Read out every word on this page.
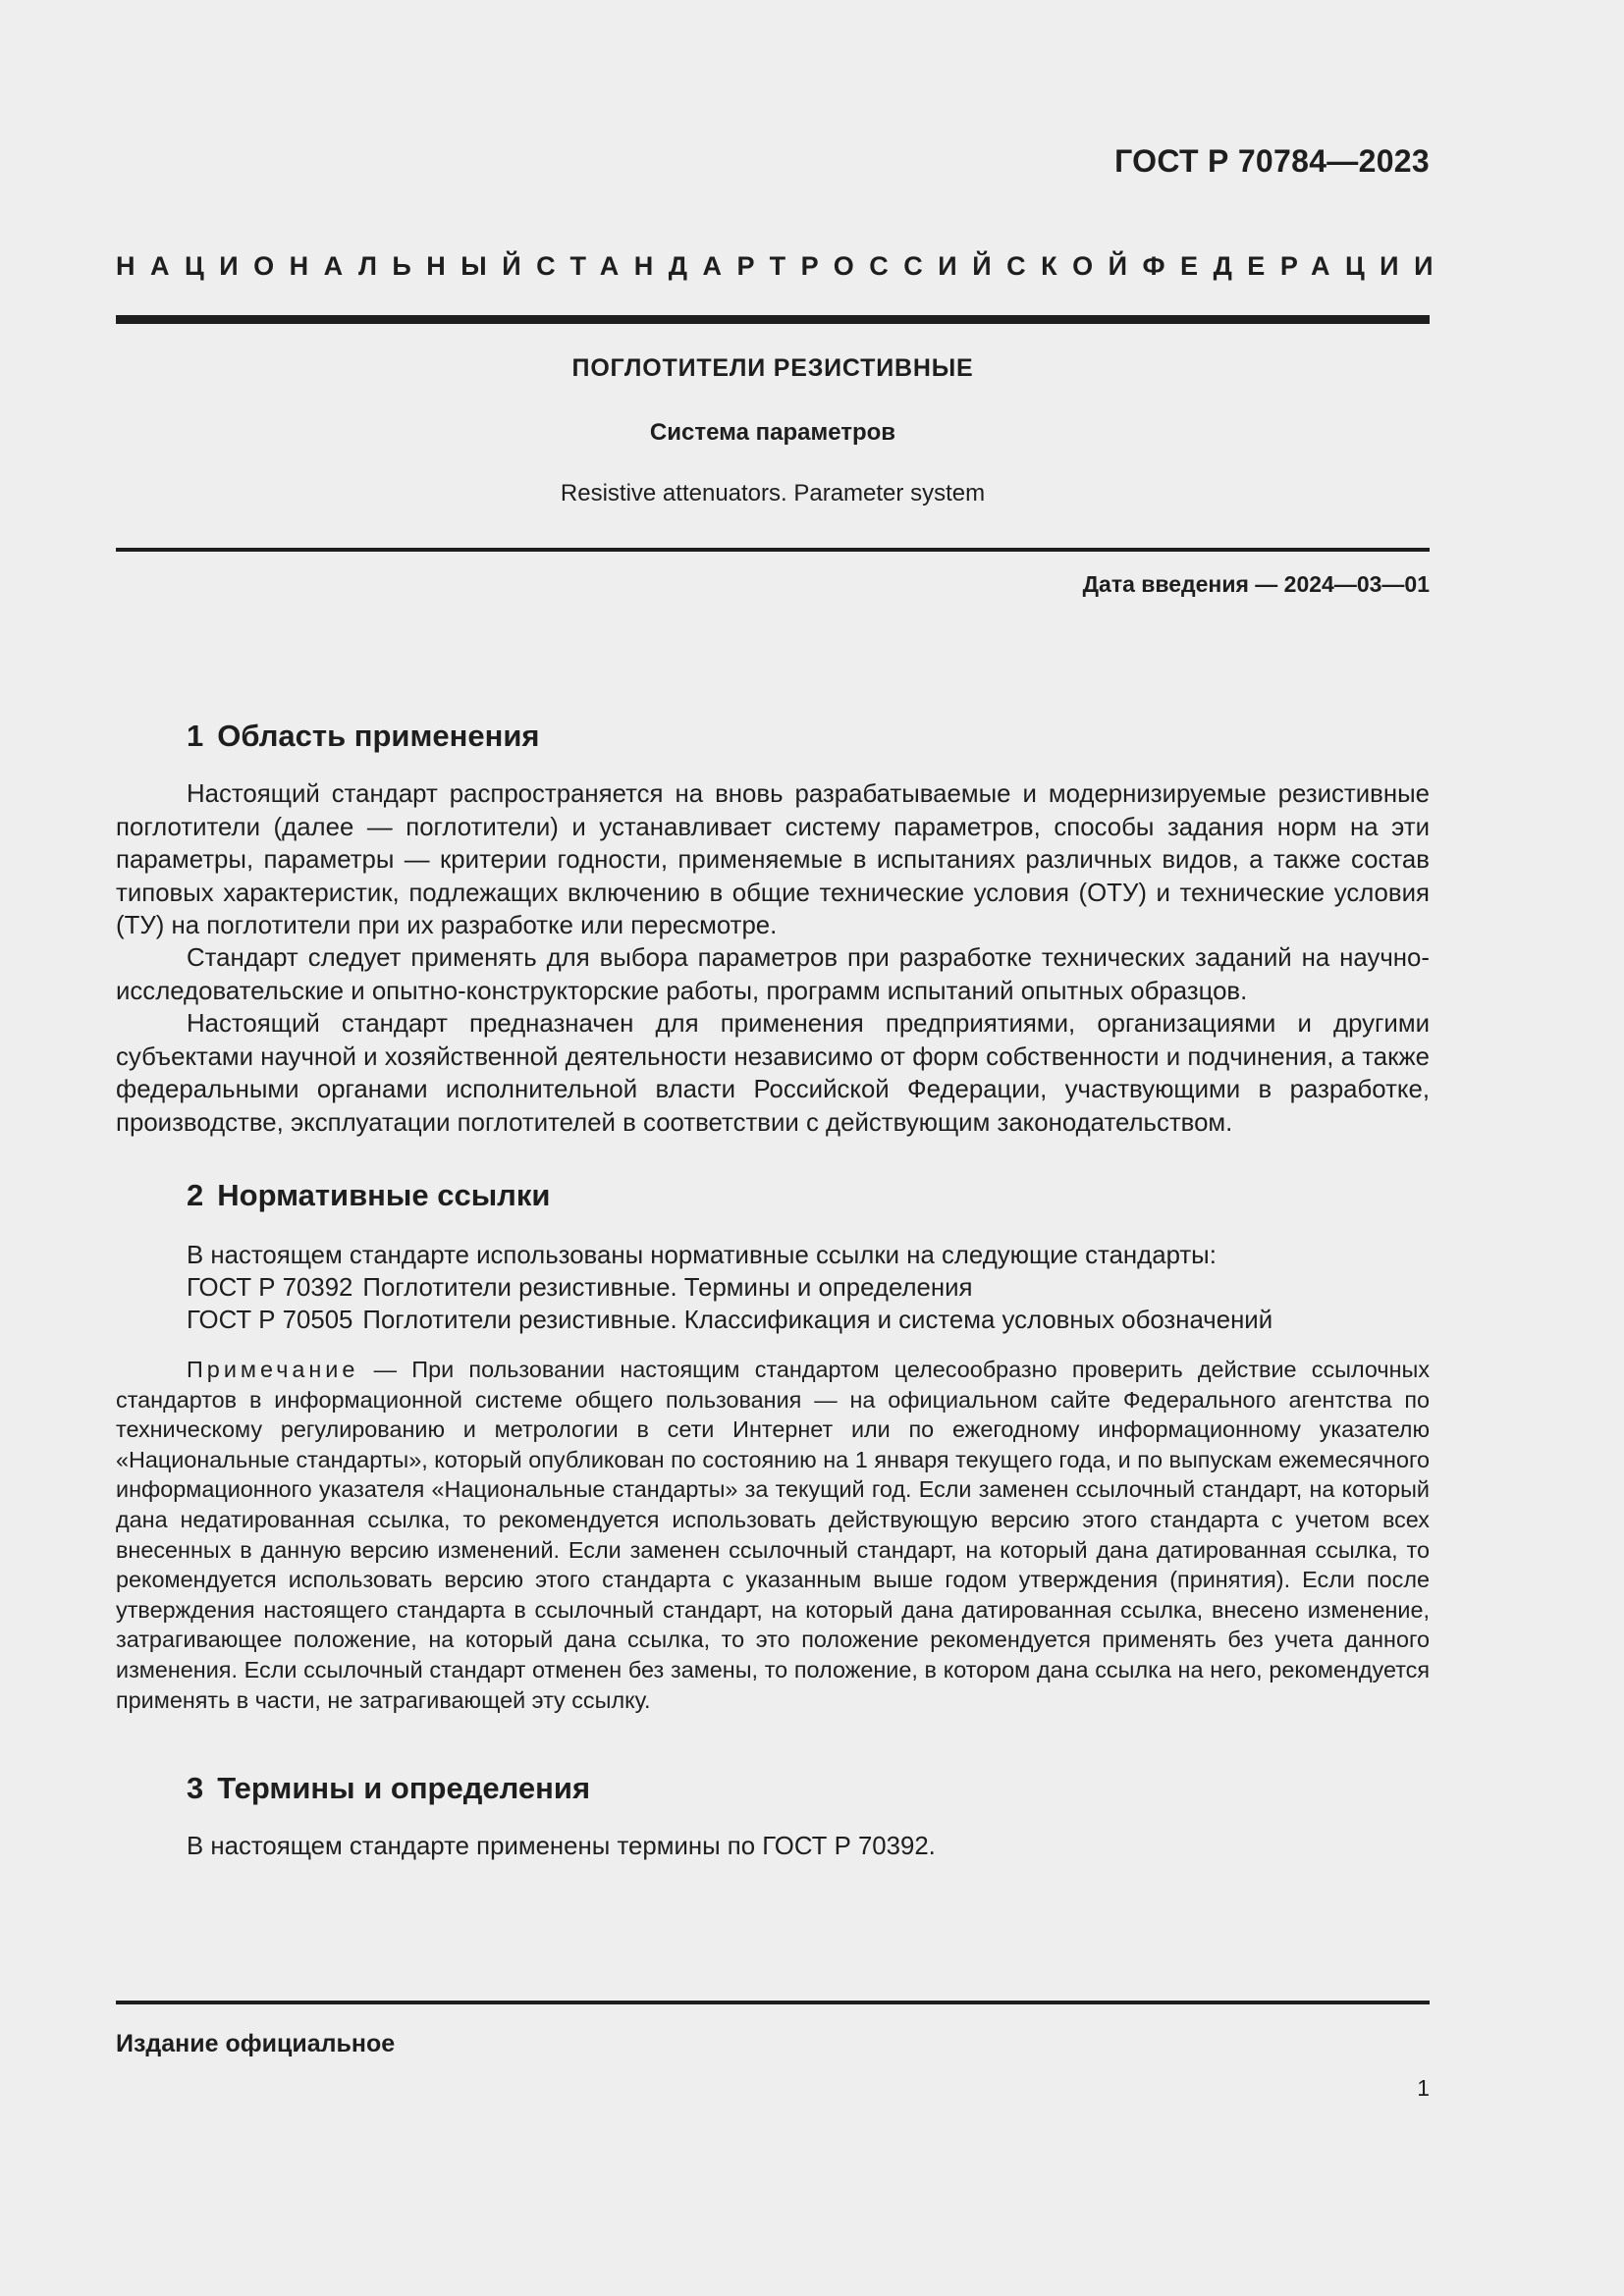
ГОСТ Р 70784—2023
НАЦИОНАЛЬНЫЙ СТАНДАРТ РОССИЙСКОЙ ФЕДЕРАЦИИ
ПОГЛОТИТЕЛИ РЕЗИСТИВНЫЕ
Система параметров
Resistive attenuators. Parameter system
Дата введения — 2024—03—01
1 Область применения

Настоящий стандарт распространяется на вновь разрабатываемые и модернизируемые резистивные поглотители (далее — поглотители) и устанавливает систему параметров, способы задания норм на эти параметры, параметры — критерии годности, применяемые в испытаниях различных видов, а также состав типовых характеристик, подлежащих включению в общие технические условия (ОТУ) и технические условия (ТУ) на поглотители при их разработке или пересмотре.

Стандарт следует применять для выбора параметров при разработке технических заданий на научно-исследовательские и опытно-конструкторские работы, программ испытаний опытных образцов.

Настоящий стандарт предназначен для применения предприятиями, организациями и другими субъектами научной и хозяйственной деятельности независимо от форм собственности и подчинения, а также федеральными органами исполнительной власти Российской Федерации, участвующими в разработке, производстве, эксплуатации поглотителей в соответствии с действующим законодательством.

2 Нормативные ссылки
В настоящем стандарте использованы нормативные ссылки на следующие стандарты:
ГОСТ Р 70392 Поглотители резистивные. Термины и определения
ГОСТ Р 70505 Поглотители резистивные. Классификация и система условных обозначений

Примечание — При пользовании настоящим стандартом целесообразно проверить действие ссылочных стандартов в информационной системе общего пользования — на официальном сайте Федерального агентства по техническому регулированию и метрологии в сети Интернет или по ежегодному информационному указателю «Национальные стандарты», который опубликован по состоянию на 1 января текущего года, и по выпускам ежемесячного информационного указателя «Национальные стандарты» за текущий год. Если заменен ссылочный стандарт, на который дана недатированная ссылка, то рекомендуется использовать действующую версию этого стандарта с учетом всех внесенных в данную версию изменений. Если заменен ссылочный стандарт, на который дана датированная ссылка, то рекомендуется использовать версию этого стандарта с указанным выше годом утверждения (принятия). Если после утверждения настоящего стандарта в ссылочный стандарт, на который дана датированная ссылка, внесено изменение, затрагивающее положение, на который дана ссылка, то это положение рекомендуется применять без учета данного изменения. Если ссылочный стандарт отменен без замены, то положение, в котором дана ссылка на него, рекомендуется применять в части, не затрагивающей эту ссылку.

3 Термины и определения
В настоящем стандарте применены термины по ГОСТ Р 70392.
Издание официальное
1
